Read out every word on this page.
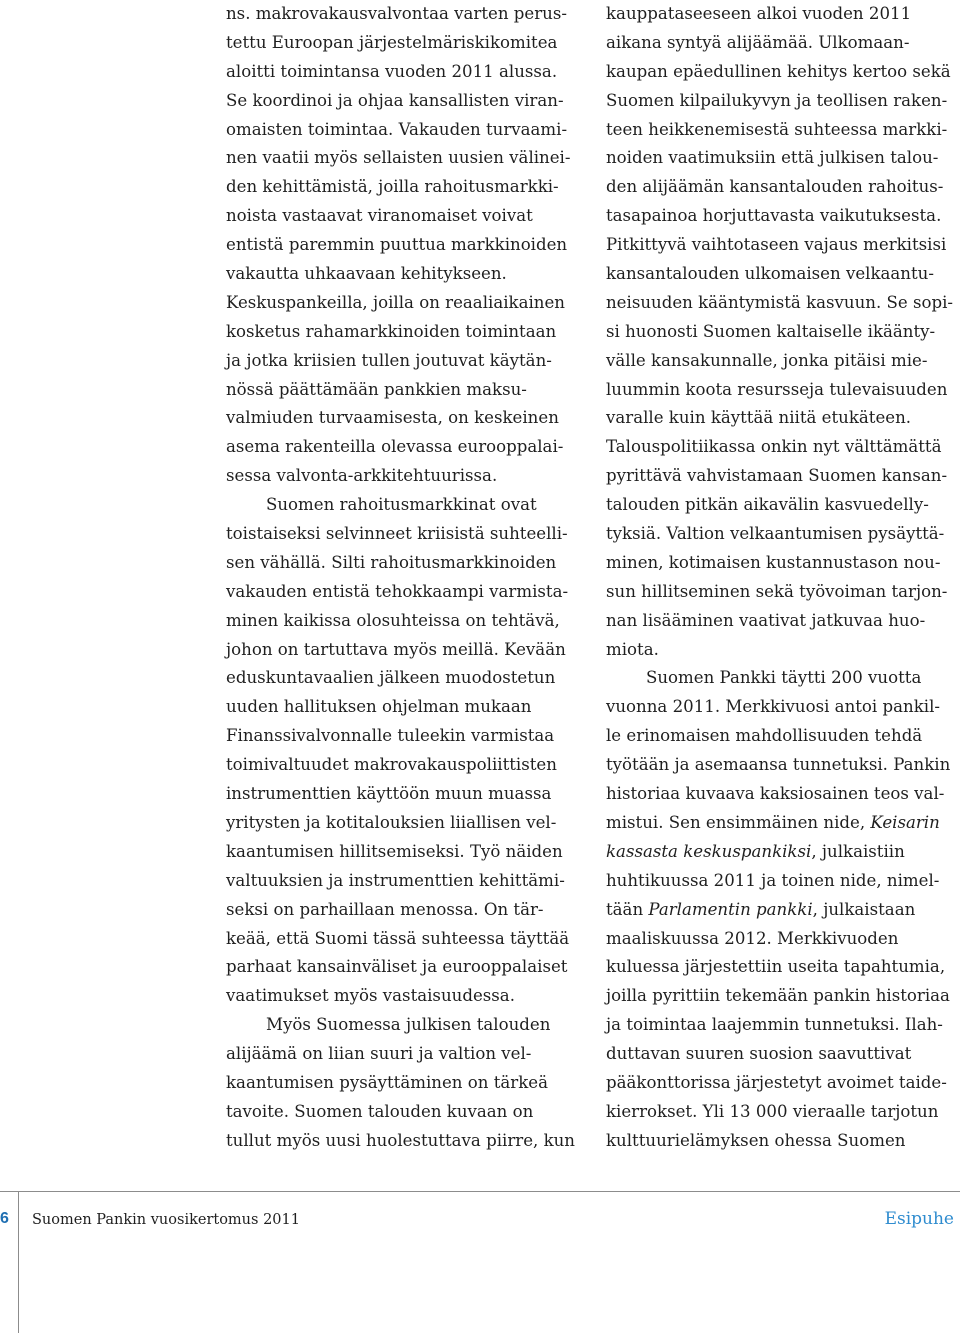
ns. makrovakausvalvontaa varten perus-
tettu Euroopan järjestelmäriskikomitea
aloitti toimintansa vuoden 2011 alussa.
Se koordinoi ja ohjaa kansallisten viran-
omaisten toimintaa. Vakauden turvaami-
nen vaatii myös sellaisten uusien välinei-
den kehittämistä, joilla rahoitusmarkki-
noista vastaavat viranomaiset voivat
entistä paremmin puuttua markkinoiden
vakautta uhkaavaan kehitykseen.
Keskuspankeilla, joilla on reaaliaikainen
kosketus rahamarkkinoiden toimintaan
ja jotka kriisien tullen joutuvat käytän-
nössä päättämään pankkien maksu-
valmiuden turvaamisesta, on keskeinen
asema rakenteilla olevassa eurooppalai-
sessa valvonta-arkkitehtuurissa.
Suomen rahoitusmarkkinat ovat
toistaiseksi selvinneet kriisistä suhteelli-
sen vähällä. Silti rahoitusmarkkinoiden
vakauden entistä tehokkaampi varmista-
minen kaikissa olosuhteissa on tehtävä,
johon on tartuttava myös meillä. Kevään
eduskuntavaalien jälkeen muodostetun
uuden hallituksen ohjelman mukaan
Finanssivalvonnalle tuleekin varmistaa
toimivaltuudet makrovakauspoliittisten
instrumenttien käyttöön muun muassa
yritysten ja kotitalouksien liiallisen vel-
kaantumisen hillitsemiseksi. Työ näiden
valtuuksien ja instrumenttien kehittämi-
seksi on parhaillaan menossa. On tär-
keää, että Suomi tässä suhteessa täyttää
parhaat kansainväliset ja eurooppalaiset
vaatimukset myös vastaisuudessa.
Myös Suomessa julkisen talouden
alijäämä on liian suuri ja valtion vel-
kaantumisen pysäyttäminen on tärkeä
tavoite. Suomen talouden kuvaan on
tullut myös uusi huolestuttava piirre, kun
kauppataseeseen alkoi vuoden 2011
aikana syntyä alijäämää. Ulkomaan-
kaupan epäedullinen kehitys kertoo sekä
Suomen kilpailukyvyn ja teollisen raken-
teen heikkenemisestä suhteessa markki-
noiden vaatimuksiin että julkisen talou-
den alijäämän kansantalouden rahoitus-
tasapainoa horjuttavasta vaikutuksesta.
Pitkittyvä vaihtotaseen vajaus merkitsisi
kansantalouden ulkomaisen velkaantu-
neisuuden kääntymistä kasvuun. Se sopi-
si huonosti Suomen kaltaiselle ikäänty-
välle kansakunnalle, jonka pitäisi mie-
luummin koota resursseja tulevaisuuden
varalle kuin käyttää niitä etukäteen.
Talouspolitiikassa onkin nyt välttämättä
pyrittävä vahvistamaan Suomen kansan-
talouden pitkän aikavälin kasvuedelly-
tyksiä. Valtion velkaantumisen pysäyttä-
minen, kotimaisen kustannustason nou-
sun hillitseminen sekä työvoiman tarjon-
nan lisääminen vaativat jatkuvaa huo-
miota.
Suomen Pankki täytti 200 vuotta
vuonna 2011. Merkkivuosi antoi pankil-
le erinomaisen mahdollisuuden tehdä
työtään ja asemaansa tunnetuksi. Pankin
historiaa kuvaava kaksiosainen teos val-
mistui. Sen ensimmäinen nide, Keisarin
kassasta keskuspankiksi, julkaistiin
huhtikuussa 2011 ja toinen nide, nimel-
tään Parlamentin pankki, julkaistaan
maaliskuussa 2012. Merkkivuoden
kuluessa järjestettiin useita tapahtumia,
joilla pyrittiin tekemään pankin historiaa
ja toimintaa laajemmin tunnetuksi. Ilah-
duttavan suuren suosion saavuttivat
pääkonttorissa järjestetyt avoimet taide-
kierrokset. Yli 13 000 vieraalle tarjotun
kulttuurielämyksen ohessa Suomen
6 Suomen Pankin vuosikertomus 2011	Esipuhe
